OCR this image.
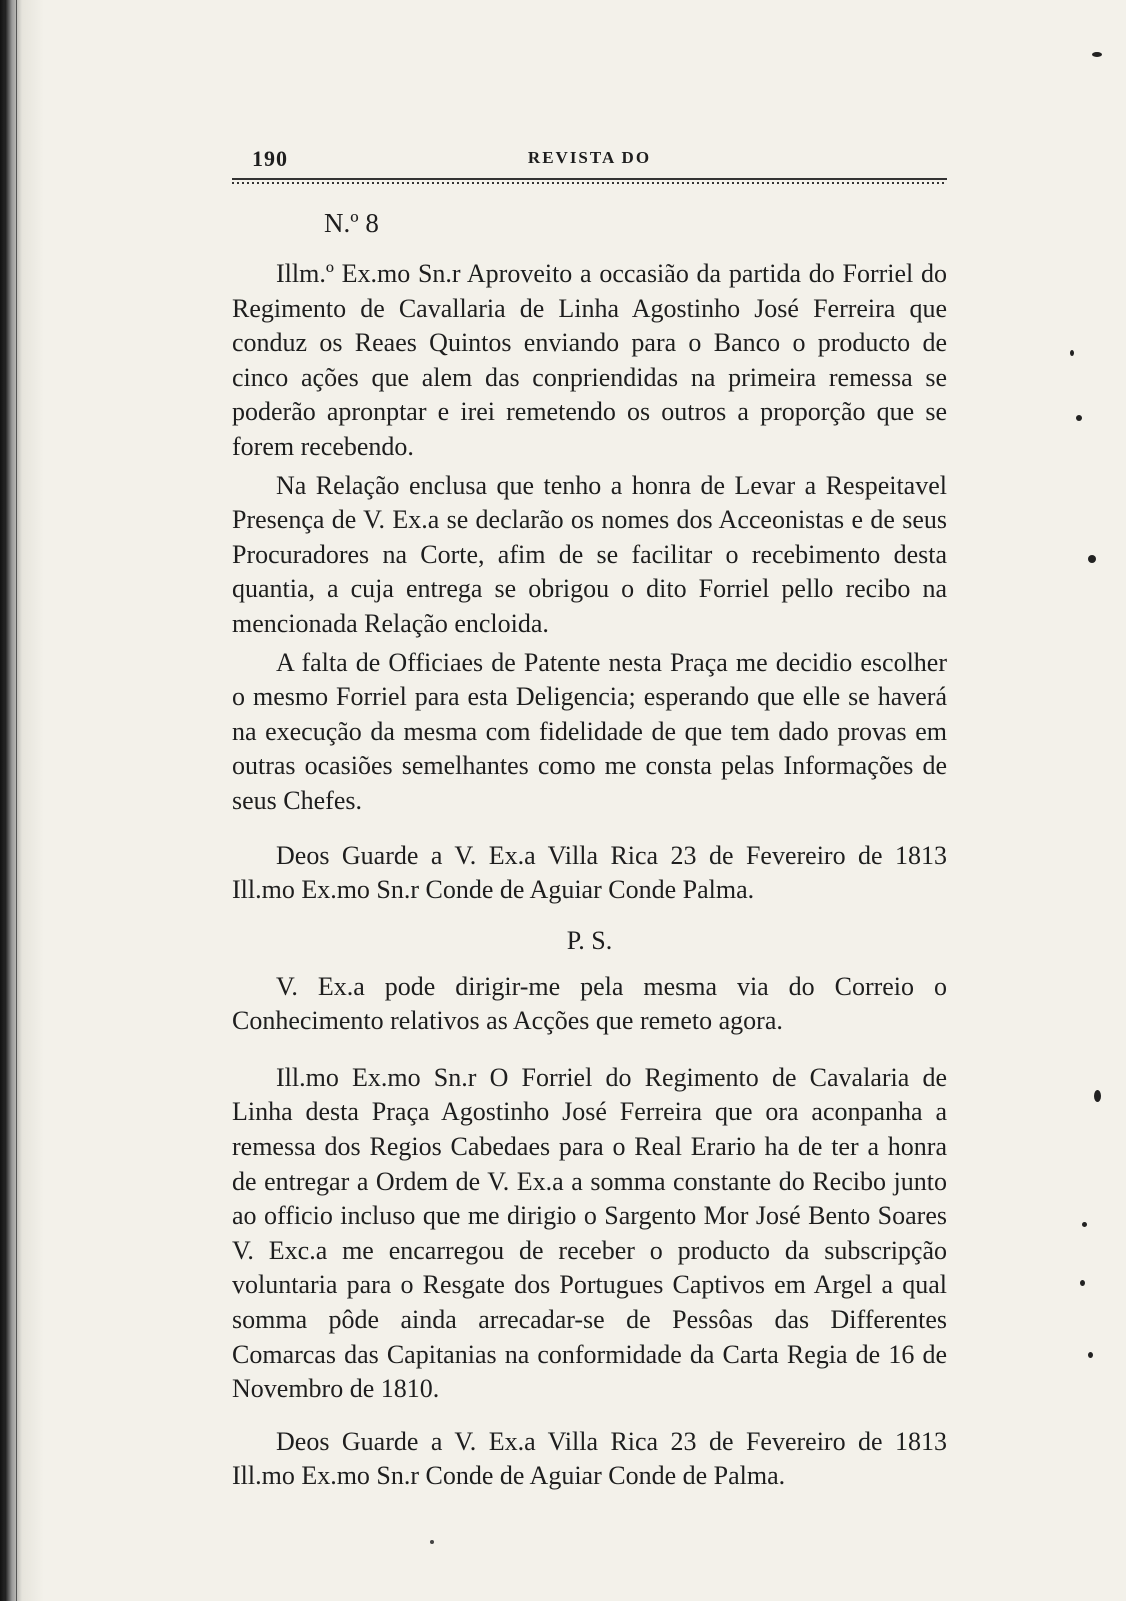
190	REVISTA DO
N.º 8

Illm.º Ex.mo Sn.r Aproveito a occasião da partida do Forriel do Regimento de Cavallaria de Linha Agostinho José Ferreira que conduz os Reaes Quintos enviando para o Banco o producto de cinco ações que alem das conpriendidas na primeira remessa se poderão apronptar e irei remetendo os outros a proporção que se forem recebendo.

Na Relação enclusa que tenho a honra de Levar a Respeitavel Presença de V. Ex.a se declarão os nomes dos Acceonistas e de seus Procuradores na Corte, afim de se facilitar o recebimento desta quantia, a cuja entrega se obrigou o dito Forriel pello recibo na mencionada Relação encloida.

A falta de Officiaes de Patente nesta Praça me decidio escolher o mesmo Forriel para esta Deligencia; esperando que elle se haverá na execução da mesma com fidelidade de que tem dado provas em outras ocasiões semelhantes como me consta pelas Informações de seus Chefes.

Deos Guarde a V. Ex.a Villa Rica 23 de Fevereiro de 1813 Ill.mo Ex.mo Sn.r Conde de Aguiar Conde Palma.

P. S.

V. Ex.a pode dirigir-me pela mesma via do Correio o Conhecimento relativos as Acções que remeto agora.

Ill.mo Ex.mo Sn.r O Forriel do Regimento de Cavalaria de Linha desta Praça Agostinho José Ferreira que ora aconpanha a remessa dos Regios Cabedaes para o Real Erario ha de ter a honra de entregar a Ordem de V. Ex.a a somma constante do Recibo junto ao officio incluso que me dirigio o Sargento Mor José Bento Soares V. Exc.a me encarregou de receber o producto da subscripção voluntaria para o Resgate dos Portugues Captivos em Argel a qual somma pôde ainda arrecadar-se de Pessôas das Differentes Comarcas das Capitanias na conformidade da Carta Regia de 16 de Novembro de 1810.

Deos Guarde a V. Ex.a Villa Rica 23 de Fevereiro de 1813 Ill.mo Ex.mo Sn.r Conde de Aguiar Conde de Palma.
